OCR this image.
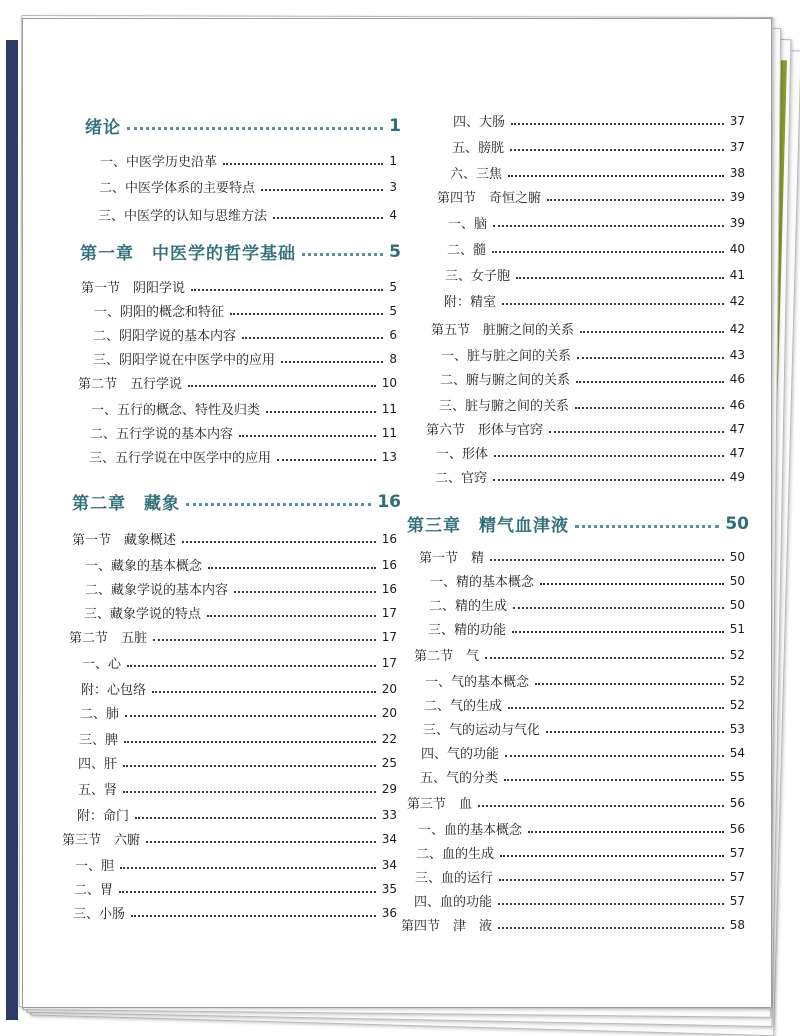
绪论	1
一、中医学历史沿革	1
二、中医学体系的主要特点	3
三、中医学的认知与思维方法	4
第一章　中医学的哲学基础	5
第一节　阴阳学说	5
一、阴阳的概念和特征	5
二、阴阳学说的基本内容	6
三、阴阳学说在中医学中的应用	8
第二节　五行学说	10
一、五行的概念、特性及归类	11
二、五行学说的基本内容	11
三、五行学说在中医学中的应用	13
第二章　藏象	16
第一节　藏象概述	16
一、藏象的基本概念	16
二、藏象学说的基本内容	16
三、藏象学说的特点	17
第二节　五脏	17
一、心	17
附：心包络	20
二、肺	20
三、脾	22
四、肝	25
五、肾	29
附：命门	33
第三节　六腑	34
一、胆	34
二、胃	35
三、小肠	36
四、大肠	37
五、膀胱	37
六、三焦	38
第四节　奇恒之腑	39
一、脑	39
二、髓	40
三、女子胞	41
附：精室	42
第五节　脏腑之间的关系	42
一、脏与脏之间的关系	43
二、腑与腑之间的关系	46
三、脏与腑之间的关系	46
第六节　形体与官窍	47
一、形体	47
二、官窍	49
第三章　精气血津液	50
第一节　精	50
一、精的基本概念	50
二、精的生成	50
三、精的功能	51
第二节　气	52
一、气的基本概念	52
二、气的生成	52
三、气的运动与气化	53
四、气的功能	54
五、气的分类	55
第三节　血	56
一、血的基本概念	56
二、血的生成	57
三、血的运行	57
四、血的功能	57
第四节　津　液	58
